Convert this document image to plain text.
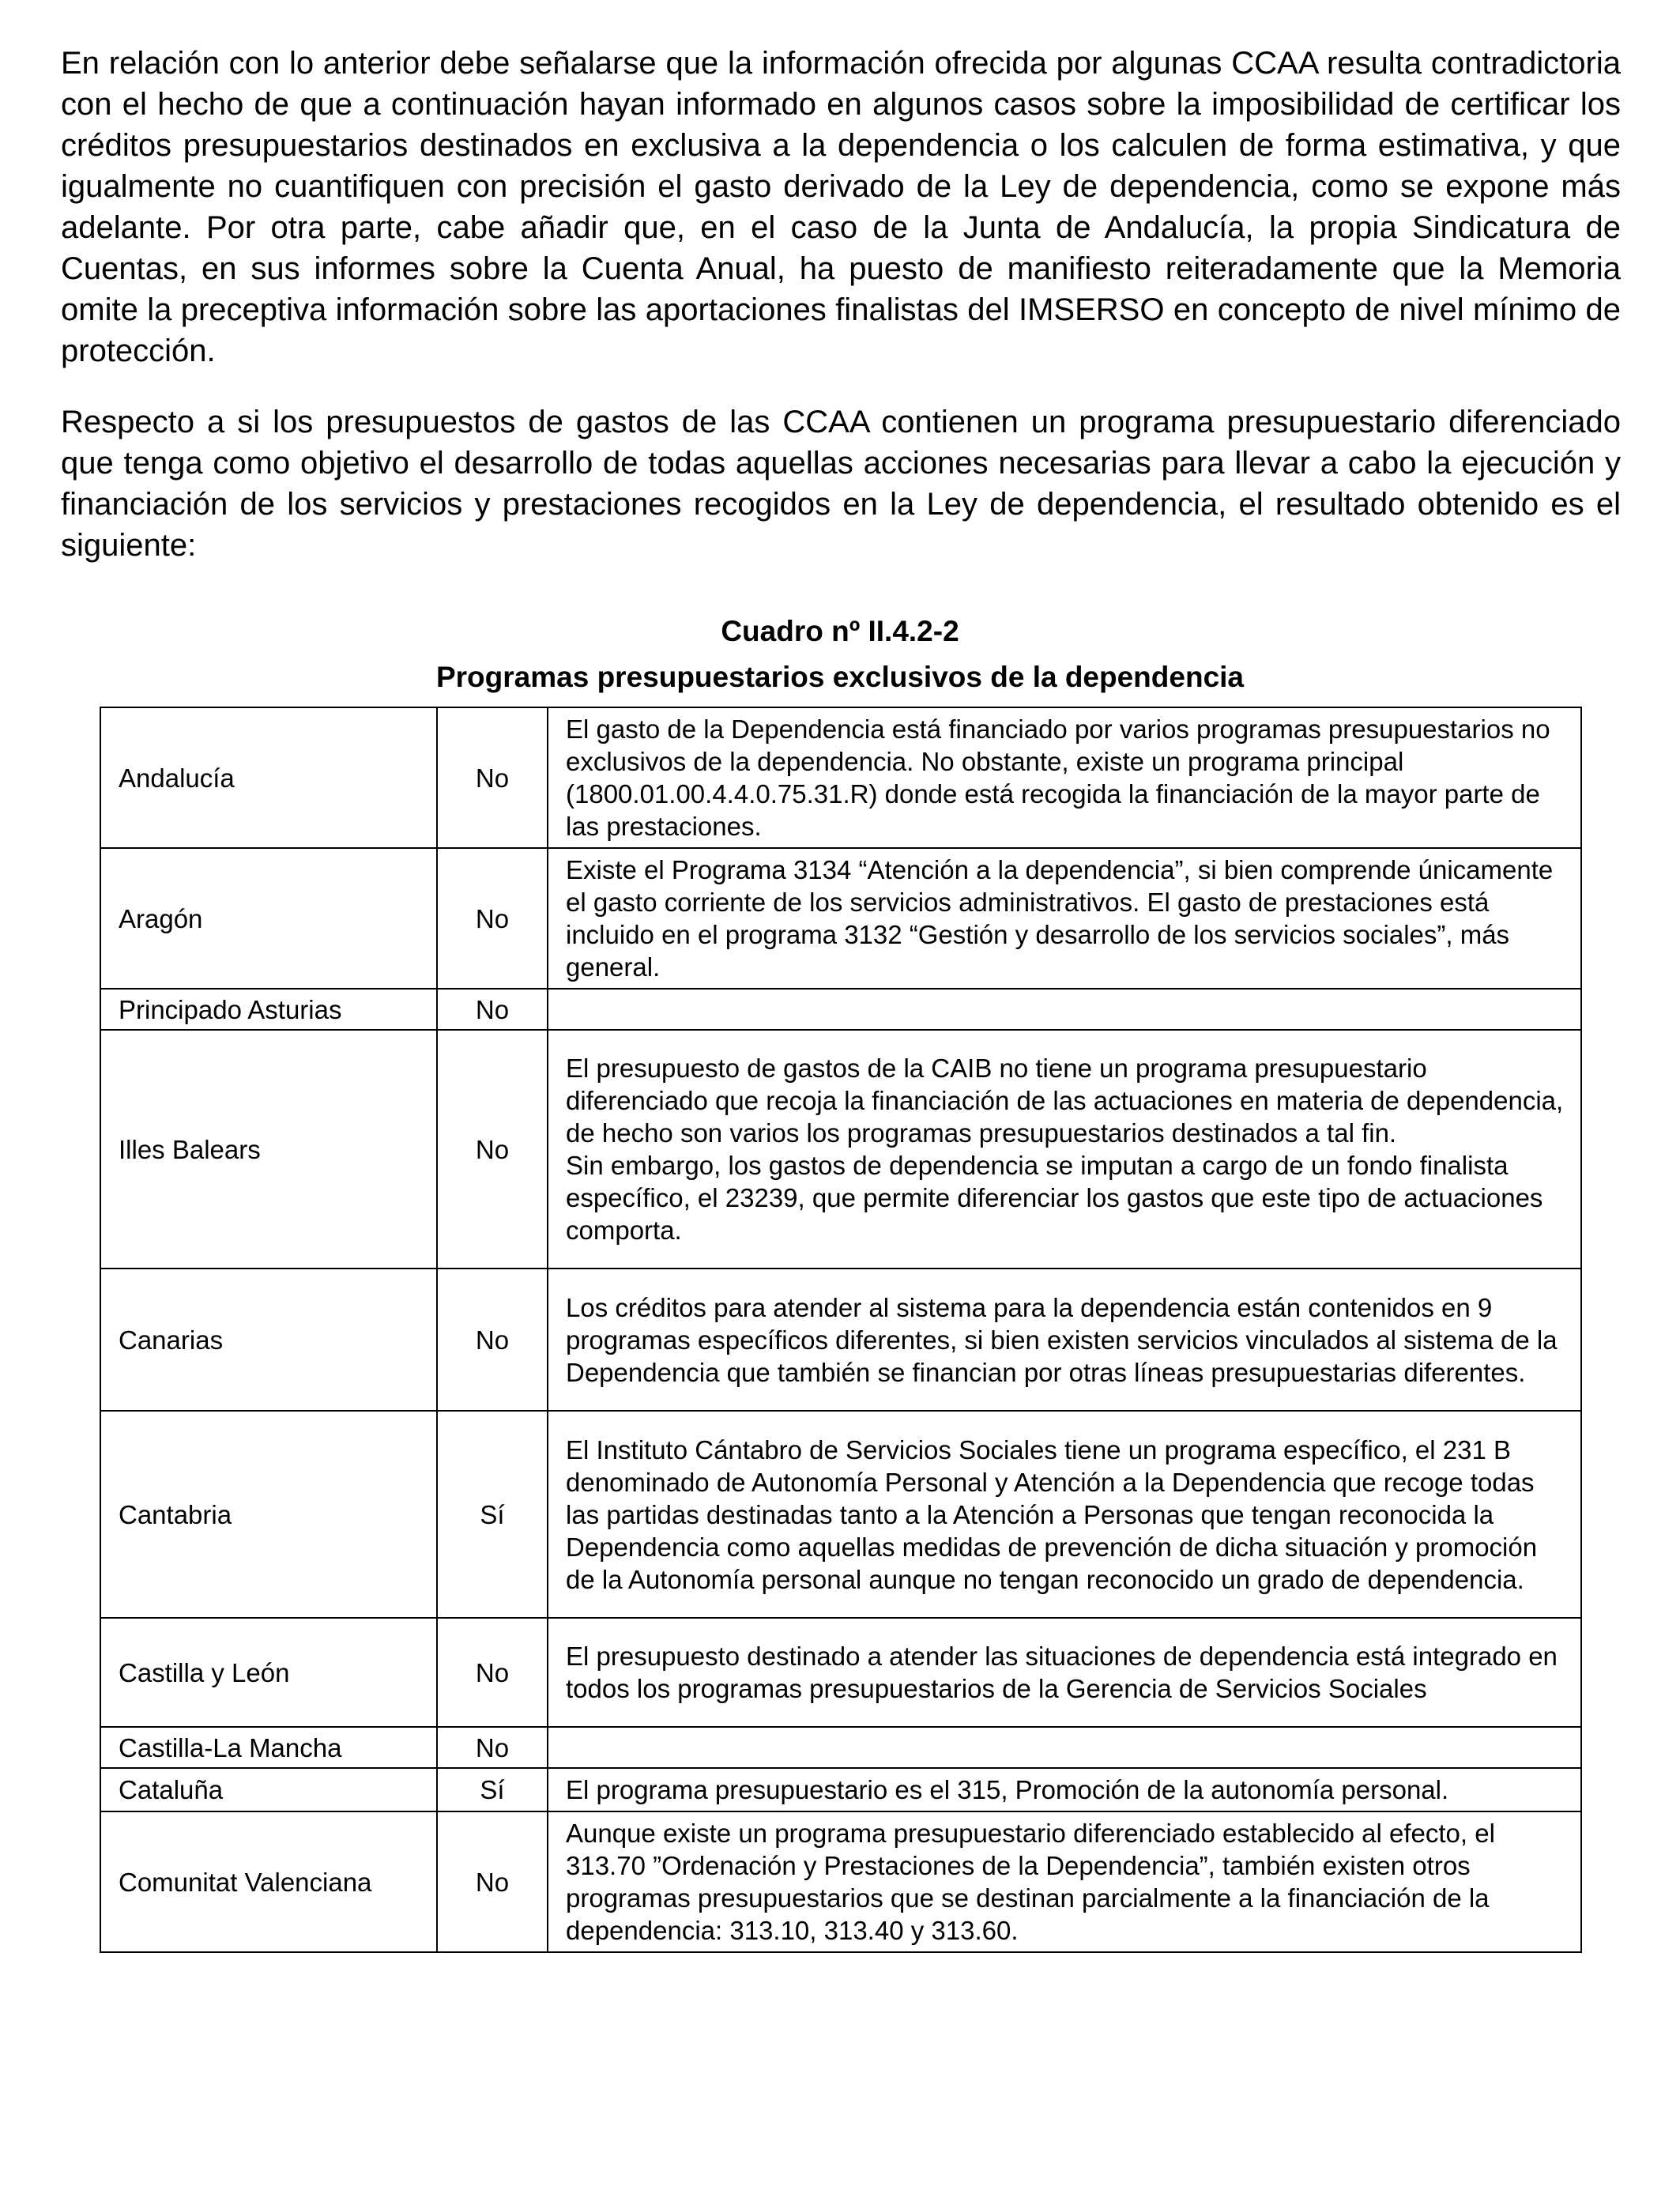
En relación con lo anterior debe señalarse que la información ofrecida por algunas CCAA resulta contradictoria con el hecho de que a continuación hayan informado en algunos casos sobre la imposibilidad de certificar los créditos presupuestarios destinados en exclusiva a la dependencia o los calculen de forma estimativa, y que igualmente no cuantifiquen con precisión el gasto derivado de la Ley de dependencia, como se expone más adelante. Por otra parte, cabe añadir que, en el caso de la Junta de Andalucía, la propia Sindicatura de Cuentas, en sus informes sobre la Cuenta Anual, ha puesto de manifiesto reiteradamente que la Memoria omite la preceptiva información sobre las aportaciones finalistas del IMSERSO en concepto de nivel mínimo de protección.

Respecto a si los presupuestos de gastos de las CCAA contienen un programa presupuestario diferenciado que tenga como objetivo el desarrollo de todas aquellas acciones necesarias para llevar a cabo la ejecución y financiación de los servicios y prestaciones recogidos en la Ley de dependencia, el resultado obtenido es el siguiente:

Cuadro nº II.4.2-2

Programas presupuestarios exclusivos de la dependencia

Andalucía	No	El gasto de la Dependencia está financiado por varios programas presupuestarios no exclusivos de la dependencia. No obstante, existe un programa principal (1800.01.00.4.4.0.75.31.R) donde está recogida la financiación de la mayor parte de las prestaciones.
Aragón	No	Existe el Programa 3134 “Atención a la dependencia”, si bien comprende únicamente el gasto corriente de los servicios administrativos. El gasto de prestaciones está incluido en el programa 3132 “Gestión y desarrollo de los servicios sociales”, más general.
Principado Asturias	No	
Illes Balears	No	El presupuesto de gastos de la CAIB no tiene un programa presupuestario diferenciado que recoja la financiación de las actuaciones en materia de dependencia, de hecho son varios los programas presupuestarios destinados a tal fin.
Sin embargo, los gastos de dependencia se imputan a cargo de un fondo finalista específico, el 23239, que permite diferenciar los gastos que este tipo de actuaciones comporta.
Canarias	No	Los créditos para atender al sistema para la dependencia están contenidos en 9 programas específicos diferentes, si bien existen servicios vinculados al sistema de la Dependencia que también se financian por otras líneas presupuestarias diferentes.
Cantabria	Sí	El Instituto Cántabro de Servicios Sociales tiene un programa específico, el 231 B denominado de Autonomía Personal y Atención a la Dependencia que recoge todas las partidas destinadas tanto a la Atención a Personas que tengan reconocida la Dependencia como aquellas medidas de prevención de dicha situación y promoción de la Autonomía personal aunque no tengan reconocido un grado de dependencia.
Castilla y León	No	El presupuesto destinado a atender las situaciones de dependencia está integrado en todos los programas presupuestarios de la Gerencia de Servicios Sociales
Castilla-La Mancha	No	
Cataluña	Sí	El programa presupuestario es el 315, Promoción de la autonomía personal.
Comunitat Valenciana	No	Aunque existe un programa presupuestario diferenciado establecido al efecto, el 313.70 ”Ordenación y Prestaciones de la Dependencia”, también existen otros programas presupuestarios que se destinan parcialmente a la financiación de la dependencia: 313.10, 313.40 y 313.60.
